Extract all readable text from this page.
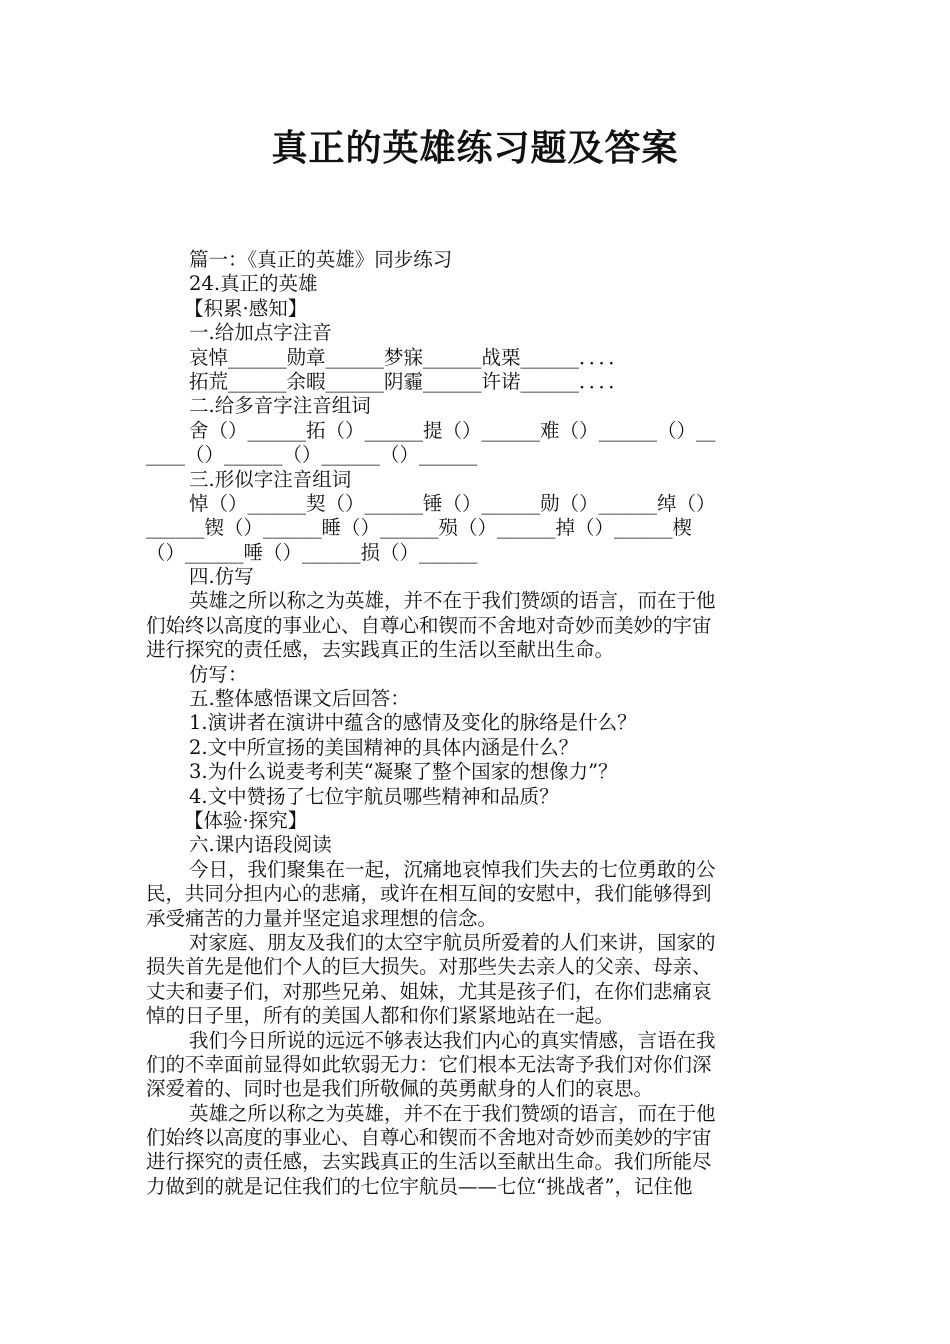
真正的英雄练习题及答案
篇一：《真正的英雄》同步练习
24.真正的英雄
【积累·感知】
一.给加点字注音
哀悼______勋章______梦寐______战栗______．．．．
拓荒______余暇______阴霾______许诺______．．．．
二.给多音字注音组词
舍（）______拓（）______提（）______难（）______（）__
____（）______（）______（）______
三.形似字注音组词
悼（）______契（）______锤（）______勋（）______绰（）
______锲（）______睡（）______殒（）______掉（）______楔
（）______唾（）______损（）______
四.仿写
英雄之所以称之为英雄，并不在于我们赞颂的语言，而在于他
们始终以高度的事业心、自尊心和锲而不舍地对奇妙而美妙的宇宙
进行探究的责任感，去实践真正的生活以至献出生命。
仿写：
五.整体感悟课文后回答：
1.演讲者在演讲中蕴含的感情及变化的脉络是什么？
2.文中所宣扬的美国精神的具体内涵是什么？
3.为什么说麦考利芙“凝聚了整个国家的想像力”？
4.文中赞扬了七位宇航员哪些精神和品质？
【体验·探究】
六.课内语段阅读
今日，我们聚集在一起，沉痛地哀悼我们失去的七位勇敢的公
民，共同分担内心的悲痛，或许在相互间的安慰中，我们能够得到
承受痛苦的力量并坚定追求理想的信念。
对家庭、朋友及我们的太空宇航员所爱着的人们来讲，国家的
损失首先是他们个人的巨大损失。对那些失去亲人的父亲、母亲、
丈夫和妻子们，对那些兄弟、姐妹，尤其是孩子们，在你们悲痛哀
悼的日子里，所有的美国人都和你们紧紧地站在一起。
我们今日所说的远远不够表达我们内心的真实情感，言语在我
们的不幸面前显得如此软弱无力：它们根本无法寄予我们对你们深
深爱着的、同时也是我们所敬佩的英勇献身的人们的哀思。
英雄之所以称之为英雄，并不在于我们赞颂的语言，而在于他
们始终以高度的事业心、自尊心和锲而不舍地对奇妙而美妙的宇宙
进行探究的责任感，去实践真正的生活以至献出生命。我们所能尽
力做到的就是记住我们的七位宇航员——七位“挑战者”，记住他
